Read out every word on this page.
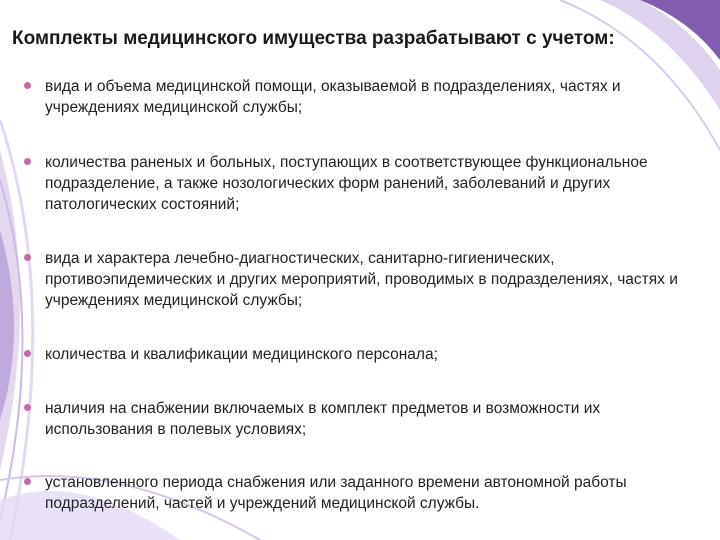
Комплекты медицинского имущества разрабатывают с учетом:
вида и объема медицинской помощи, оказываемой в подразделениях, частях и учреждениях медицинской службы;
количества раненых и больных, поступающих в соответствующее функциональное подразделение, а также нозологических форм ранений, заболеваний и других патологических состояний;
вида и характера лечебно-диагностических, санитарно-гигиенических, противоэпидемических и других мероприятий, проводимых в подразделениях, частях и учреждениях медицинской службы;
количества и квалификации медицинского персонала;
наличия на снабжении включаемых в комплект предметов и возможности их использования в полевых условиях;
установленного периода снабжения или заданного времени автономной работы подразделений, частей и учреждений медицинской службы.
